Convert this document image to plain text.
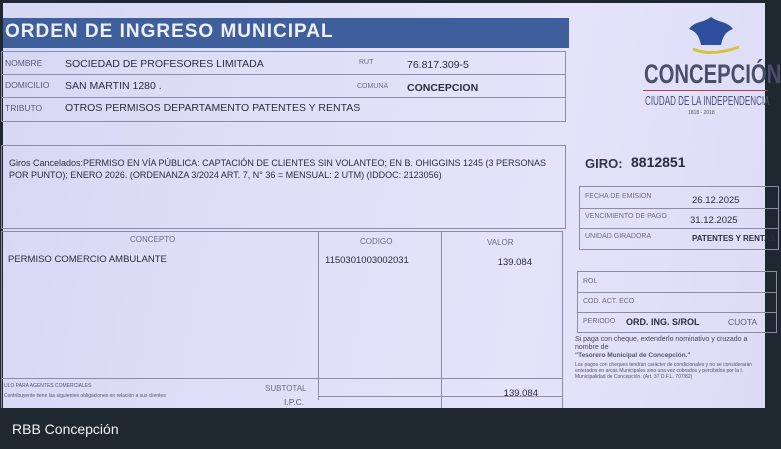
ORDEN DE INGRESO MUNICIPAL
NOMBRE SOCIEDAD DE PROFESORES LIMITADA	RUT	76.817.309-5
DOMICILIO SAN MARTIN 1280 .	COMUNA CONCEPCION
TRIBUTO OTROS PERMISOS DEPARTAMENTO PATENTES Y RENTAS
Giros Cancelados:PERMISO EN VÍA PÚBLICA: CAPTACIÓN DE CLIENTES SIN VOLANTEO; EN B. OHIGGINS 1245 (3 PERSONAS POR PUNTO); ENERO 2026. (ORDENANZA 3/2024 ART. 7, N° 36 = MENSUAL: 2 UTM) (IDDOC: 2123056)
CONCEPTO	CODIGO	VALOR
PERMISO COMERCIO AMBULANTE	1150301003002031	139.084
ULO PARA AGENTES COMERCIALES
Contribuyente tiene las siguientes obligaciones en relación a sus clientes
SUBTOTAL	139.084
I.P.C.
CONCEPCIÓN
CIUDAD DE LA INDEPENDENCIA
1818 - 2018
GIRO: 8812851
FECHA DE EMISION	26.12.2025
VENCIMIENTO DE PAGO 31.12.2025
UNIDAD GIRADORA	PATENTES Y RENTAS
ROL
COD. ACT. ECO
PERIODO ORD. ING. S/ROL	CUOTA
Si paga con cheque, extenderlo nominativo y cruzado a nombre de
"Tesorero Municipal de Concepción."
Los pagos con cheques tendrán carácter de condicionales y no se considerarán enterados en arcas Municipales sino una vez cobrados y percibidos por la I. Municipalidad de Concepción. (Art. 37 D.F.L. 707/82)
RBB Concepción
